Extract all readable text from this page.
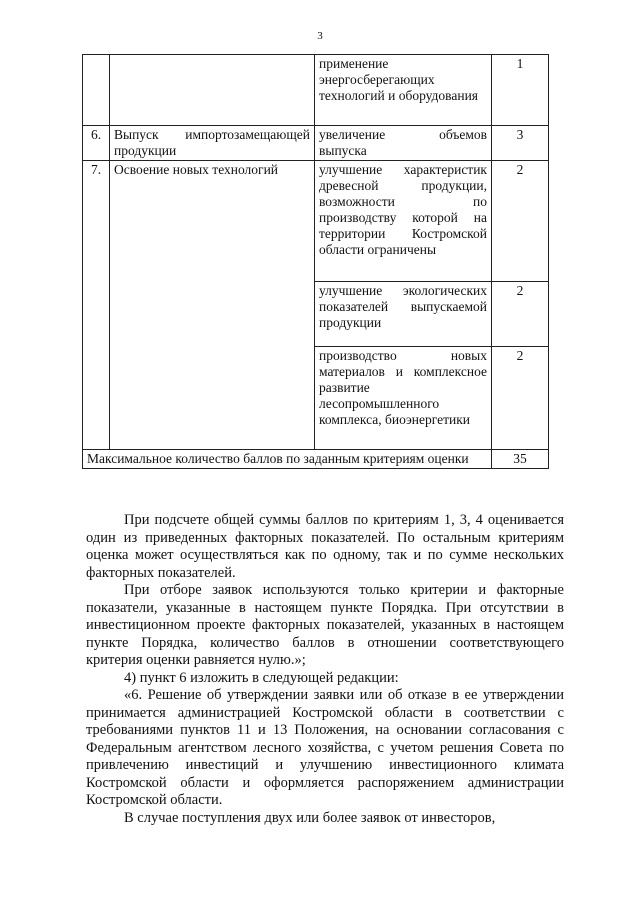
3
		применение энергосберегающих технологий и оборудования	1
6.	Выпуск импортозамещающей продукции	увеличение объемов выпуска	3
7.	Освоение новых технологий	улучшение характеристик древесной продукции, возможности по производству которой на территории Костромской области ограничены	2
		улучшение экологических показателей выпускаемой продукции	2
		производство новых материалов и комплексное развитие лесопромышленного комплекса, биоэнергетики	2
Максимальное количество баллов по заданным критериям оценки			35

При подсчете общей суммы баллов по критериям 1, 3, 4 оценивается один из приведенных факторных показателей. По остальным критериям оценка может осуществляться как по одному, так и по сумме нескольких факторных показателей.

При отборе заявок используются только критерии и факторные показатели, указанные в настоящем пункте Порядка. При отсутствии в инвестиционном проекте факторных показателей, указанных в настоящем пункте Порядка, количество баллов в отношении соответствующего критерия оценки равняется нулю.»;

4) пункт 6 изложить в следующей редакции:

«6. Решение об утверждении заявки или об отказе в ее утверждении принимается администрацией Костромской области в соответствии с требованиями пунктов 11 и 13 Положения, на основании согласования с Федеральным агентством лесного хозяйства, с учетом решения Совета по привлечению инвестиций и улучшению инвестиционного климата Костромской области и оформляется распоряжением администрации Костромской области.

В случае поступления двух или более заявок от инвесторов,
